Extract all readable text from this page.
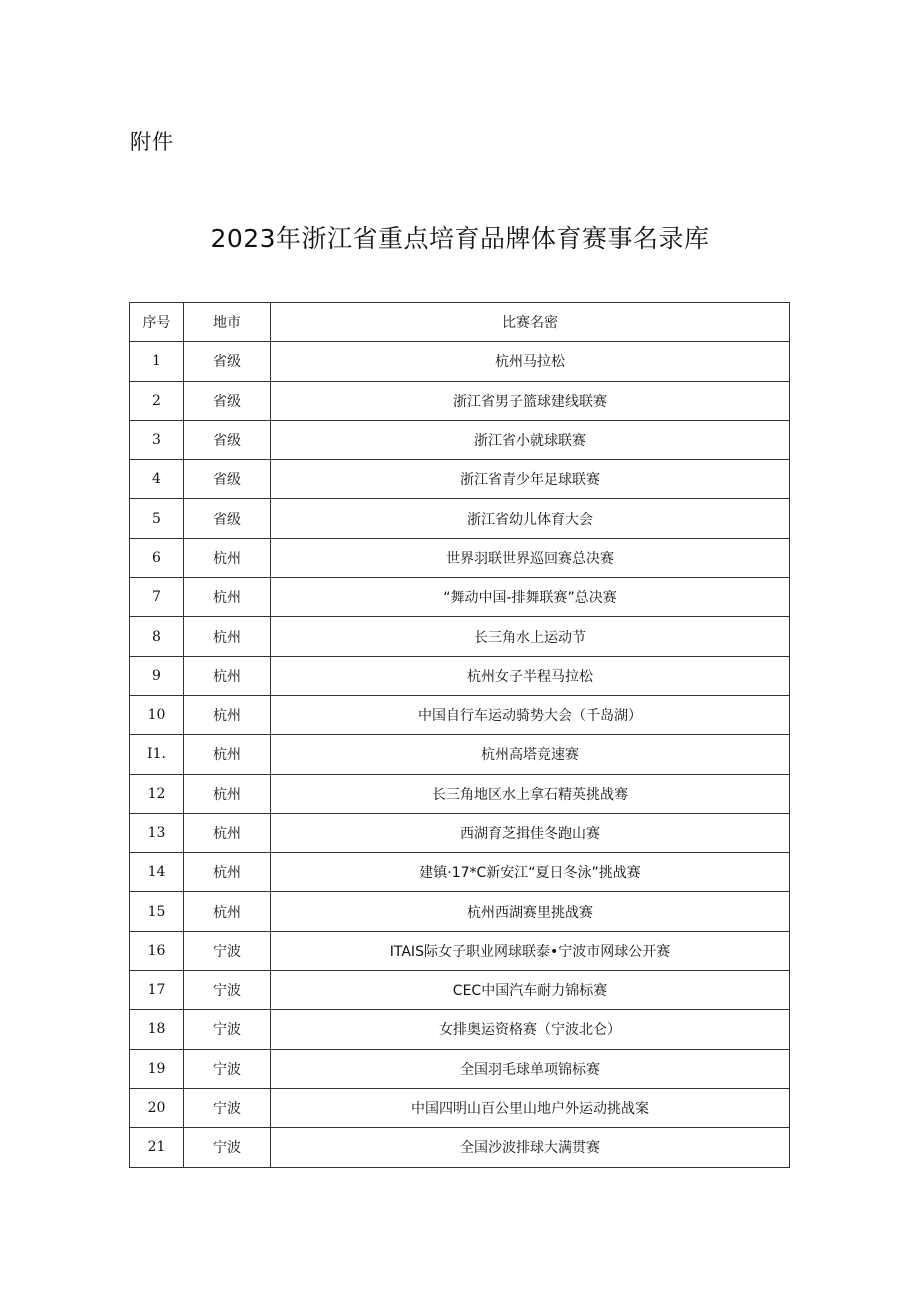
附件
2023年浙江省重点培育品牌体育赛事名录库
序号	地市	比赛名密
1	省级	杭州马拉松
2	省级	浙江省男子篮球建线联赛
3	省级	浙江省小就球联赛
4	省级	浙江省青少年足球联赛
5	省级	浙江省幼儿体育大会
6	杭州	世界羽联世界巡回赛总决赛
7	杭州	“舞动中国-排舞联赛”总决赛
8	杭州	长三角水上运动节
9	杭州	杭州女子半程马拉松
10	杭州	中国自行车运动骑势大会（千岛湖）
I1.	杭州	杭州高塔竞速赛
12	杭州	长三角地区水上拿石精英挑战骞
13	杭州	西湖育芝揖佳冬跑山赛
14	杭州	建镇·17*C新安江“夏日冬泳”挑战赛
15	杭州	杭州西湖赛里挑战赛
16	宁波	ITAIS际女子职业网球联泰•宁波市网球公开赛
17	宁波	CEC中国汽车耐力锦标赛
18	宁波	女排奥运资格赛（宁波北仑）
19	宁波	全国羽毛球单项锦标赛
20	宁波	中国四明山百公里山地户外运动挑战案
21	宁波	全国沙波排球大满贯赛
